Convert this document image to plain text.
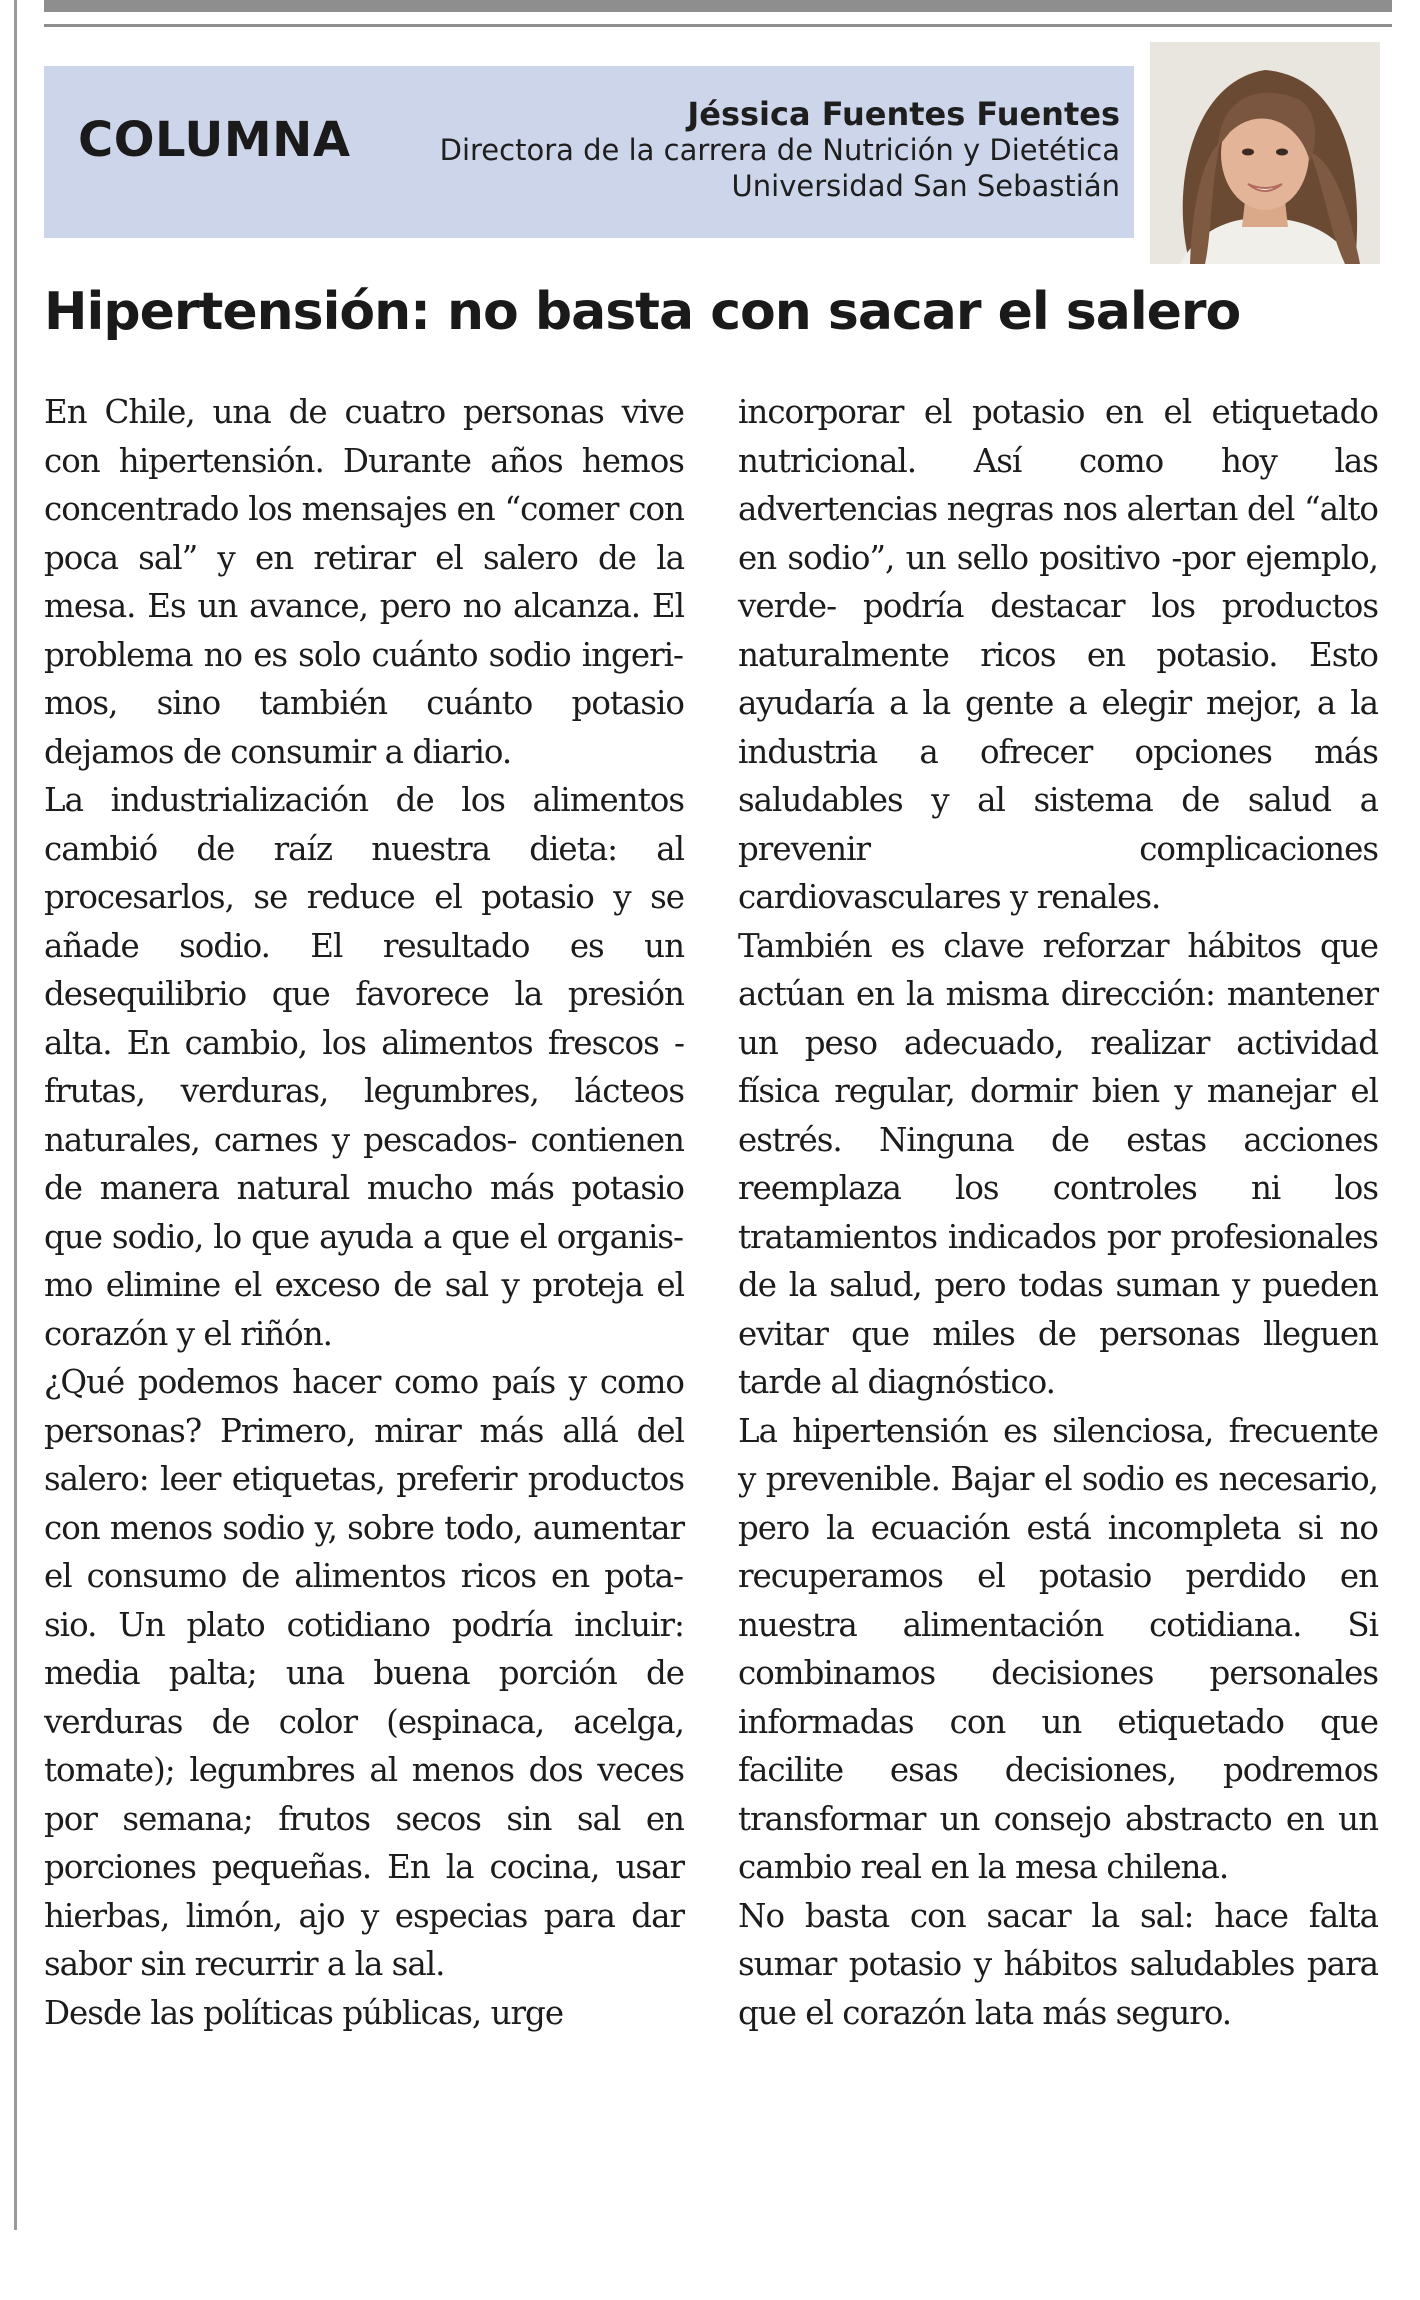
COLUMNA	Jéssica Fuentes Fuentes
Directora de la carrera de Nutrición y Dietética
Universidad San Sebastián
Hipertensión: no basta con sacar el salero

En Chile, una de cuatro personas vive con hipertensión. Durante años hemos concentrado los mensajes en “comer con poca sal” y en retirar el salero de la mesa. Es un avance, pero no alcanza. El problema no es solo cuánto sodio ingerimos, sino también cuánto potasio dejamos de consumir a diario.

La industrialización de los alimentos cambió de raíz nuestra dieta: al procesarlos, se reduce el potasio y se añade sodio. El resultado es un desequilibrio que favorece la presión alta. En cambio, los alimentos frescos -frutas, verduras, legumbres, lácteos naturales, carnes y pescados- contienen de manera natural mucho más potasio que sodio, lo que ayuda a que el organismo elimine el exceso de sal y proteja el corazón y el riñón.

¿Qué podemos hacer como país y como personas? Primero, mirar más allá del salero: leer etiquetas, preferir productos con menos sodio y, sobre todo, aumentar el consumo de alimentos ricos en potasio. Un plato cotidiano podría incluir: media palta; una buena porción de verduras de color (espinaca, acelga, tomate); legumbres al menos dos veces por semana; frutos secos sin sal en porciones pequeñas. En la cocina, usar hierbas, limón, ajo y especias para dar sabor sin recurrir a la sal.

Desde las políticas públicas, urge

incorporar el potasio en el etiquetado nutricional. Así como hoy las advertencias negras nos alertan del “alto en sodio”, un sello positivo -por ejemplo, verde- podría destacar los productos naturalmente ricos en potasio. Esto ayudaría a la gente a elegir mejor, a la industria a ofrecer opciones más saludables y al sistema de salud a prevenir complicaciones cardiovasculares y renales.

También es clave reforzar hábitos que actúan en la misma dirección: mantener un peso adecuado, realizar actividad física regular, dormir bien y manejar el estrés. Ninguna de estas acciones reemplaza los controles ni los tratamientos indicados por profesionales de la salud, pero todas suman y pueden evitar que miles de personas lleguen tarde al diagnóstico.

La hipertensión es silenciosa, frecuente y prevenible. Bajar el sodio es necesario, pero la ecuación está incompleta si no recuperamos el potasio perdido en nuestra alimentación cotidiana. Si combinamos decisiones personales informadas con un etiquetado que facilite esas decisiones, podremos transformar un consejo abstracto en un cambio real en la mesa chilena.

No basta con sacar la sal: hace falta sumar potasio y hábitos saludables para que el corazón lata más seguro.
